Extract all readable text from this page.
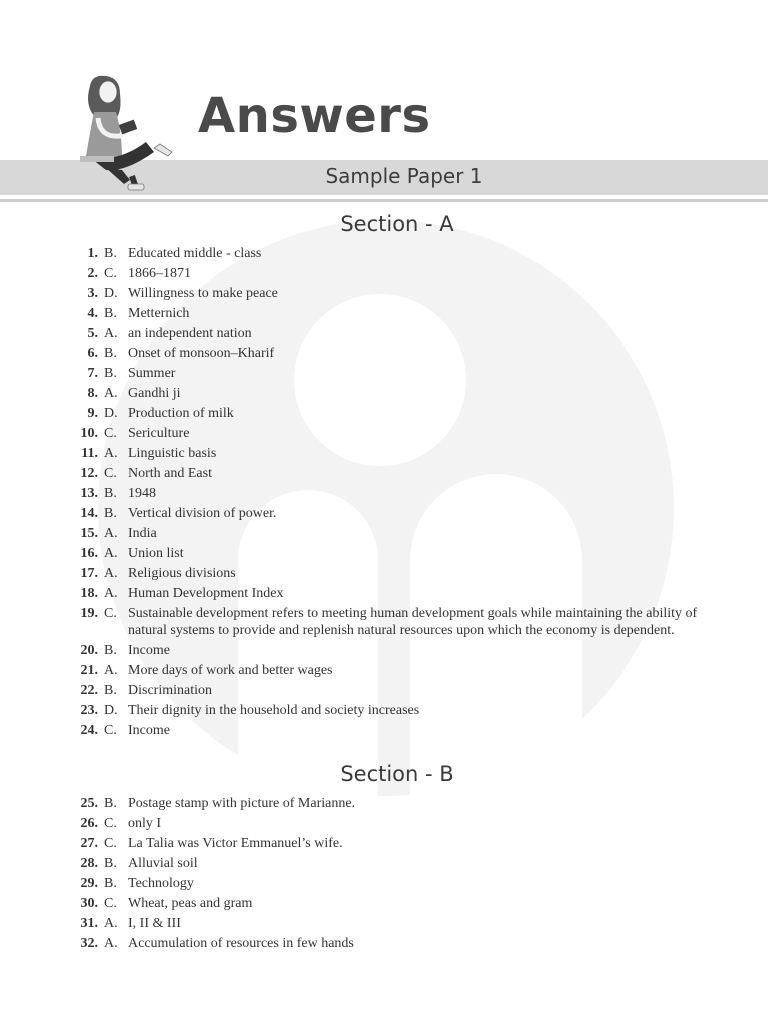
Answers
Sample Paper 1
Section - A
1. B. Educated middle - class
2. C. 1866–1871
3. D. Willingness to make peace
4. B. Metternich
5. A. an independent nation
6. B. Onset of monsoon–Kharif
7. B. Summer
8. A. Gandhi ji
9. D. Production of milk
10. C. Sericulture
11. A. Linguistic basis
12. C. North and East
13. B. 1948
14. B. Vertical division of power.
15. A. India
16. A. Union list
17. A. Religious divisions
18. A. Human Development Index
19. C. Sustainable development refers to meeting human development goals while maintaining the ability of natural systems to provide and replenish natural resources upon which the economy is dependent.
20. B. Income
21. A. More days of work and better wages
22. B. Discrimination
23. D. Their dignity in the household and society increases
24. C. Income
Section - B
25. B. Postage stamp with picture of Marianne.
26. C. only I
27. C. La Talia was Victor Emmanuel’s wife.
28. B. Alluvial soil
29. B. Technology
30. C. Wheat, peas and gram
31. A. I, II & III
32. A. Accumulation of resources in few hands
